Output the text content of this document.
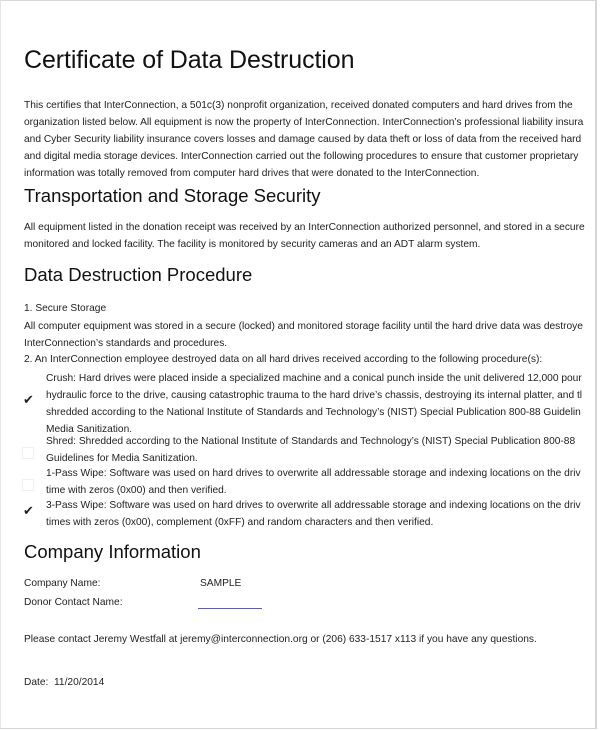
Certificate of Data Destruction
This certifies that InterConnection, a 501c(3) nonprofit organization, received donated computers and hard drives from the
organization listed below. All equipment is now the property of InterConnection. InterConnection’s professional liability insura
and Cyber Security liability insurance covers losses and damage caused by data theft or loss of data from the received hard
and digital media storage devices. InterConnection carried out the following procedures to ensure that customer proprietary
information was totally removed from computer hard drives that were donated to the InterConnection.
Transportation and Storage Security
All equipment listed in the donation receipt was received by an InterConnection authorized personnel, and stored in a secure
monitored and locked facility. The facility is monitored by security cameras and an ADT alarm system.
Data Destruction Procedure
1. Secure Storage
All computer equipment was stored in a secure (locked) and monitored storage facility until the hard drive data was destroye
InterConnection’s standards and procedures.
2. An InterConnection employee destroyed data on all hard drives received according to the following procedure(s):
✔
Crush: Hard drives were placed inside a specialized machine and a conical punch inside the unit delivered 12,000 pour
hydraulic force to the drive, causing catastrophic trauma to the hard drive’s chassis, destroying its internal platter, and tl
shredded according to the National Institute of Standards and Technology’s (NIST) Special Publication 800-88 Guidelin
Media Sanitization.
Shred: Shredded according to the National Institute of Standards and Technology’s (NIST) Special Publication 800-88
Guidelines for Media Sanitization.
1-Pass Wipe: Software was used on hard drives to overwrite all addressable storage and indexing locations on the driv
time with zeros (0x00) and then verified.
✔ 3-Pass Wipe: Software was used on hard drives to overwrite all addressable storage and indexing locations on the driv
times with zeros (0x00), complement (0xFF) and random characters and then verified.
Company Information
Company Name:	SAMPLE
Donor Contact Name:
Please contact Jeremy Westfall at jeremy@interconnection.org or (206) 633-1517 x113 if you have any questions.
Date: 11/20/2014
